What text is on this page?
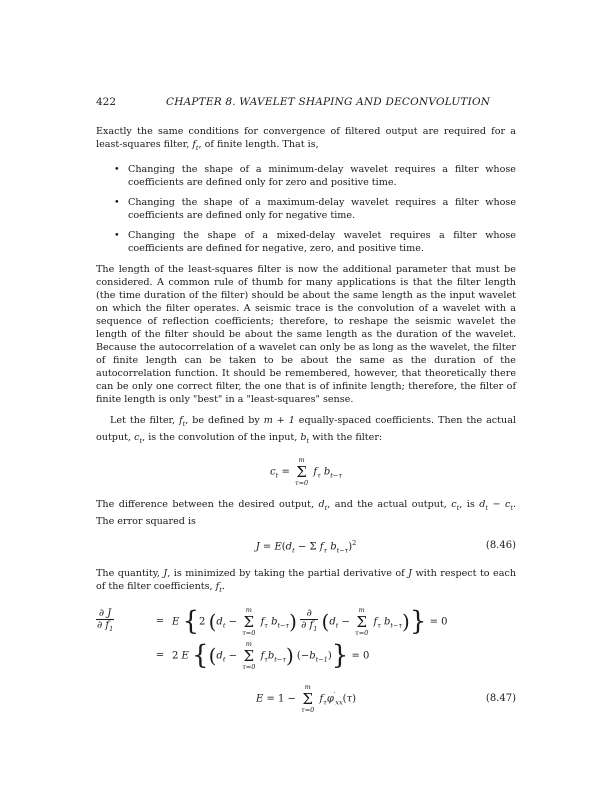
422	CHAPTER 8. WAVELET SHAPING AND DECONVOLUTION

Exactly the same conditions for convergence of filtered output are required for a least-squares filter, $f_t$, of finite length. That is,

• Changing the shape of a minimum-delay wavelet requires a filter whose coefficients are defined only for zero and positive time.
• Changing the shape of a maximum-delay wavelet requires a filter whose coefficients are defined only for negative time.
• Changing the shape of a mixed-delay wavelet requires a filter whose coefficients are defined for negative, zero, and positive time.

The length of the least-squares filter is now the additional parameter that must be considered. A common rule of thumb for many applications is that the filter length (the time duration of the filter) should be about the same length as the input wavelet on which the filter operates. A seismic trace is the convolution of a wavelet with a sequence of reflection coefficients; therefore, to reshape the seismic wavelet the length of the filter should be about the same length as the duration of the wavelet. Because the autocorrelation of a wavelet can only be as long as the wavelet, the filter of finite length can be taken to be about the same as the duration of the autocorrelation function. It should be remembered, however, that theoretically there can be only one correct filter, the one that is of infinite length; therefore, the filter of finite length is only "best" in a "least-squares" sense.

Let the filter, $f_t$, be defined by m + 1 equally-spaced coefficients. Then the actual output, $c_t$, is the convolution of the input, $b_t$ with the filter:

$c_t$ =
m
Σ
τ=0
$f_\tau$ $b_{t-\tau}$

The difference between the desired output, $d_t$, and the actual output, $c_t$, is $d_t - c_t$. The error squared is

$J = E(d_t - \Sigma$ $f_\tau$ $b_{t-\tau})^2$	(8.46)

The quantity, J, is minimized by taking the partial derivative of J with respect to each of the filter coefficients, $f_t$.

$\frac{\partial J}{\partial f_1}$	= E {2 ($d_t$ −
m
Σ
τ=0
$f_\tau$ $b_{t-\tau}) \frac{\partial}{\partial f_1} (d_t$ −
m
Σ
τ=0
$f_\tau$ $b_{t-\tau})\} = 0$
= 2 E {($d_t$ −
m
Σ
τ=0
$f_\tau b_{t-\tau}$) $(-b_{t-1})\} = 0$
E = 1 −
m
Σ
τ=0
$f_\tau\varphi'_{xx}(\tau)$	(8.47)
